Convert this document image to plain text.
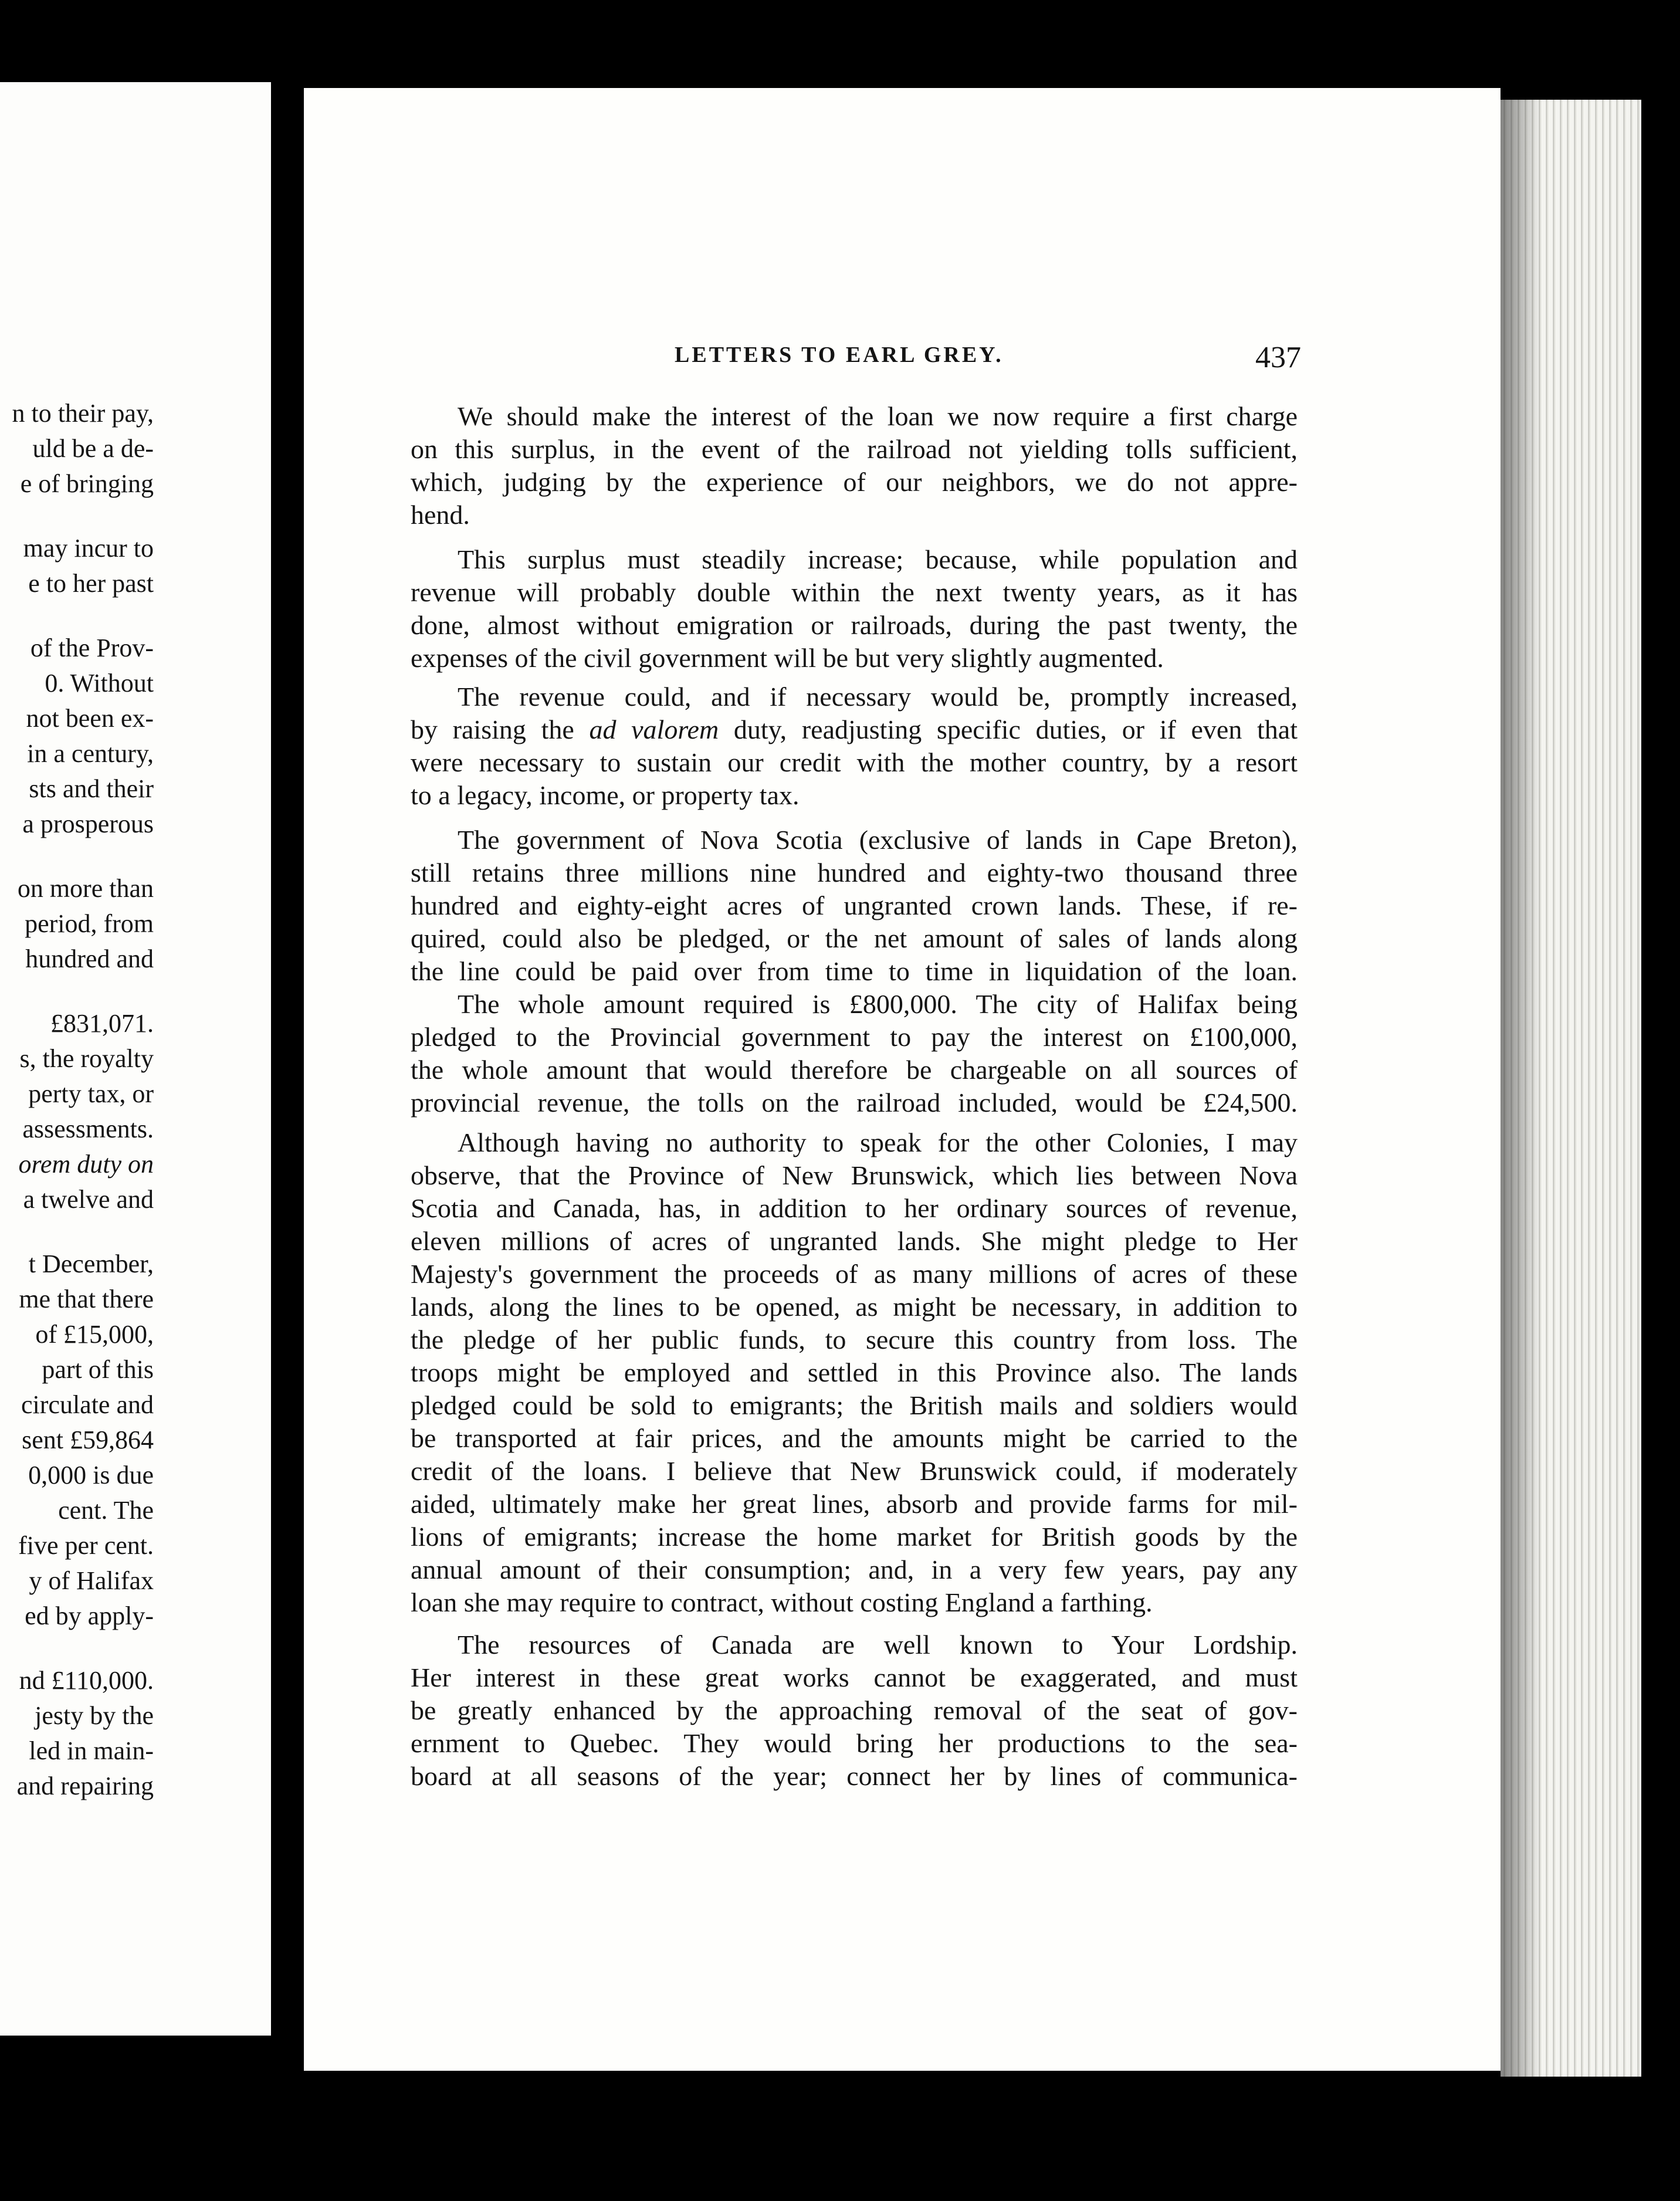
n to their pay,
uld be a de-
e of bringing
may incur to
e to her past
of the Prov-
0. Without
not been ex-
in a century,
sts and their
a prosperous
on more than
period, from
hundred and
£831,071.
s, the royalty
perty tax, or
assessments.
orem duty on
a twelve and
t December,
me that there
of £15,000,
part of this
circulate and
sent £59,864
0,000 is due
cent. The
five per cent.
y of Halifax
ed by apply-
nd £110,000.
jesty by the
led in main-
and repairing
LETTERS TO EARL GREY.	437
We should make the interest of the loan we now require a first charge
on this surplus, in the event of the railroad not yielding tolls sufficient,
which, judging by the experience of our neighbors, we do not appre-
hend.
This surplus must steadily increase; because, while population and
revenue will probably double within the next twenty years, as it has
done, almost without emigration or railroads, during the past twenty, the
expenses of the civil government will be but very slightly augmented.
The revenue could, and if necessary would be, promptly increased,
by raising the ad valorem duty, readjusting specific duties, or if even that
were necessary to sustain our credit with the mother country, by a resort
to a legacy, income, or property tax.
The government of Nova Scotia (exclusive of lands in Cape Breton),
still retains three millions nine hundred and eighty-two thousand three
hundred and eighty-eight acres of ungranted crown lands. These, if re-
quired, could also be pledged, or the net amount of sales of lands along
the line could be paid over from time to time in liquidation of the loan.
The whole amount required is £800,000. The city of Halifax being
pledged to the Provincial government to pay the interest on £100,000,
the whole amount that would therefore be chargeable on all sources of
provincial revenue, the tolls on the railroad included, would be £24,500.
Although having no authority to speak for the other Colonies, I may
observe, that the Province of New Brunswick, which lies between Nova
Scotia and Canada, has, in addition to her ordinary sources of revenue,
eleven millions of acres of ungranted lands. She might pledge to Her
Majesty's government the proceeds of as many millions of acres of these
lands, along the lines to be opened, as might be necessary, in addition to
the pledge of her public funds, to secure this country from loss. The
troops might be employed and settled in this Province also. The lands
pledged could be sold to emigrants; the British mails and soldiers would
be transported at fair prices, and the amounts might be carried to the
credit of the loans. I believe that New Brunswick could, if moderately
aided, ultimately make her great lines, absorb and provide farms for mil-
lions of emigrants; increase the home market for British goods by the
annual amount of their consumption; and, in a very few years, pay any
loan she may require to contract, without costing England a farthing.
The resources of Canada are well known to Your Lordship.
Her interest in these great works cannot be exaggerated, and must
be greatly enhanced by the approaching removal of the seat of gov-
ernment to Quebec. They would bring her productions to the sea-
board at all seasons of the year; connect her by lines of communica-
